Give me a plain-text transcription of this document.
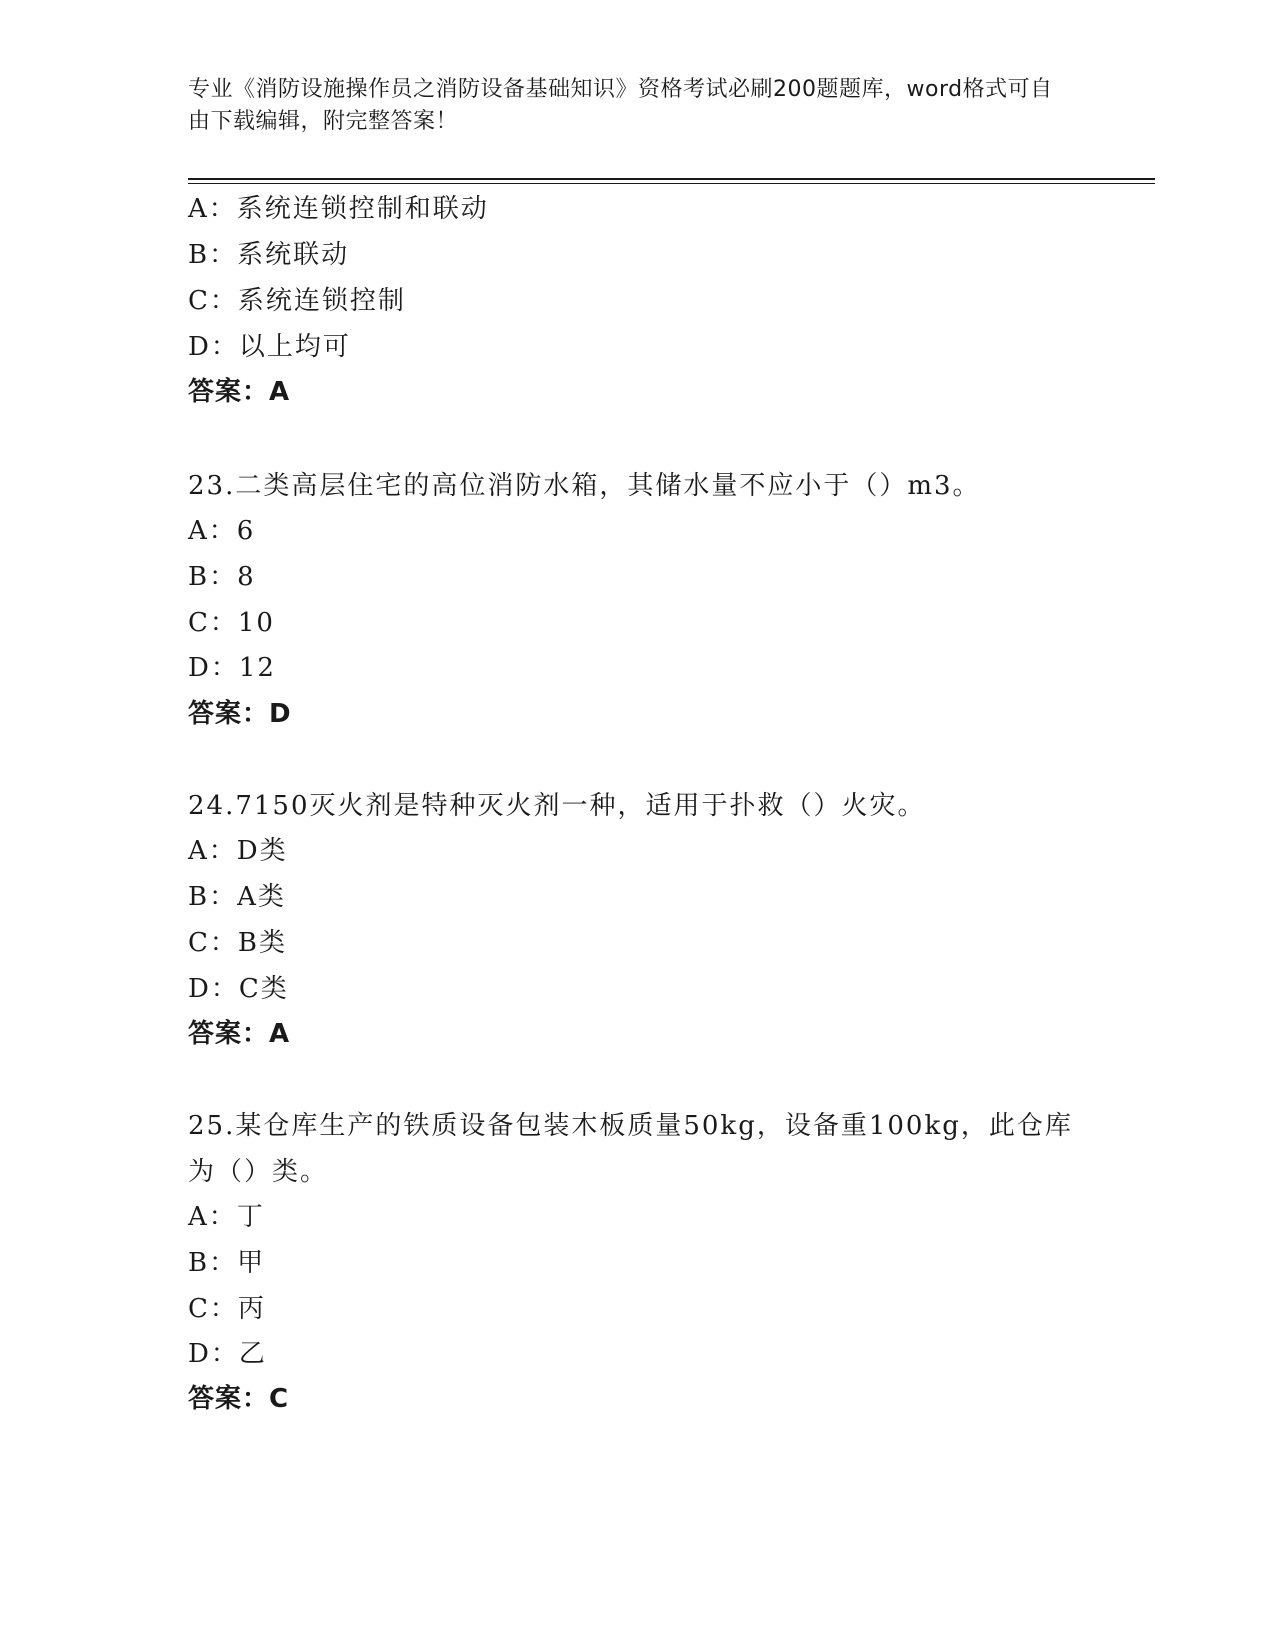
专业《消防设施操作员之消防设备基础知识》资格考试必刷200题题库，word格式可自由下载编辑，附完整答案！
A：系统连锁控制和联动
B：系统联动
C：系统连锁控制
D：以上均可
答案：A
23.二类高层住宅的高位消防水箱，其储水量不应小于（）m3。
A：6
B：8
C：10
D：12
答案：D
24.7150灭火剂是特种灭火剂一种，适用于扑救（）火灾。
A：D类
B：A类
C：B类
D：C类
答案：A
25.某仓库生产的铁质设备包装木板质量50kg，设备重100kg，此仓库
为（）类。
A：丁
B：甲
C：丙
D：乙
答案：C
